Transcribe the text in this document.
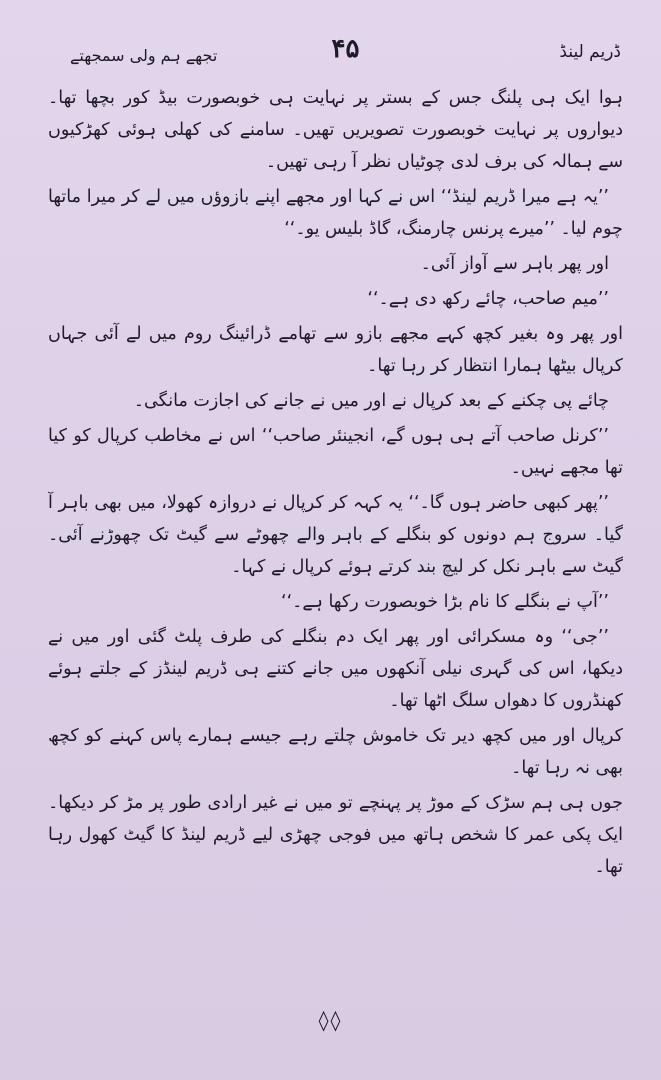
ڈریم لینڈ
۴۵
تجھے ہم ولی سمجھتے

ہوا ایک ہی پلنگ جس کے بستر پر نہایت ہی خوبصورت بیڈ کور بچھا تھا۔ دیواروں پر نہایت خوبصورت تصویریں تھیں۔ سامنے کی کھلی ہوئی کھڑکیوں سے ہمالہ کی برف لدی چوٹیاں نظر آ رہی تھیں۔

’’یہ ہے میرا ڈریم لینڈ‘‘ اس نے کہا اور مجھے اپنے بازوؤں میں لے کر میرا ماتھا چوم لیا۔ ’’میرے پرنس چارمنگ، گاڈ بلیس یو۔‘‘

اور پھر باہر سے آواز آئی۔

’’میم صاحب، چائے رکھ دی ہے۔‘‘

اور پھر وہ بغیر کچھ کہے مجھے بازو سے تھامے ڈرائینگ روم میں لے آئی جہاں کرپال بیٹھا ہمارا انتظار کر رہا تھا۔

چائے پی چکنے کے بعد کرپال نے اور میں نے جانے کی اجازت مانگی۔

’’کرنل صاحب آتے ہی ہوں گے، انجینئر صاحب‘‘ اس نے مخاطب کرپال کو کیا تھا مجھے نہیں۔

’’پھر کبھی حاضر ہوں گا۔‘‘ یہ کہہ کر کرپال نے دروازہ کھولا، میں بھی باہر آ گیا۔ سروج ہم دونوں کو بنگلے کے باہر والے چھوٹے سے گیٹ تک چھوڑنے آئی۔ گیٹ سے باہر نکل کر لیچ بند کرتے ہوئے کرپال نے کہا۔

’’آپ نے بنگلے کا نام بڑا خوبصورت رکھا ہے۔‘‘

’’جی‘‘ وہ مسکرائی اور پھر ایک دم بنگلے کی طرف پلٹ گئی اور میں نے دیکھا، اس کی گہری نیلی آنکھوں میں جانے کتنے ہی ڈریم لینڈز کے جلتے ہوئے کھنڈروں کا دھواں سلگ اٹھا تھا۔

کرپال اور میں کچھ دیر تک خاموش چلتے رہے جیسے ہمارے پاس کہنے کو کچھ بھی نہ رہا تھا۔

جوں ہی ہم سڑک کے موڑ پر پہنچے تو میں نے غیر ارادی طور پر مڑ کر دیکھا۔ ایک پکی عمر کا شخص ہاتھ میں فوجی چھڑی لیے ڈریم لینڈ کا گیٹ کھول رہا تھا۔

◊◊
